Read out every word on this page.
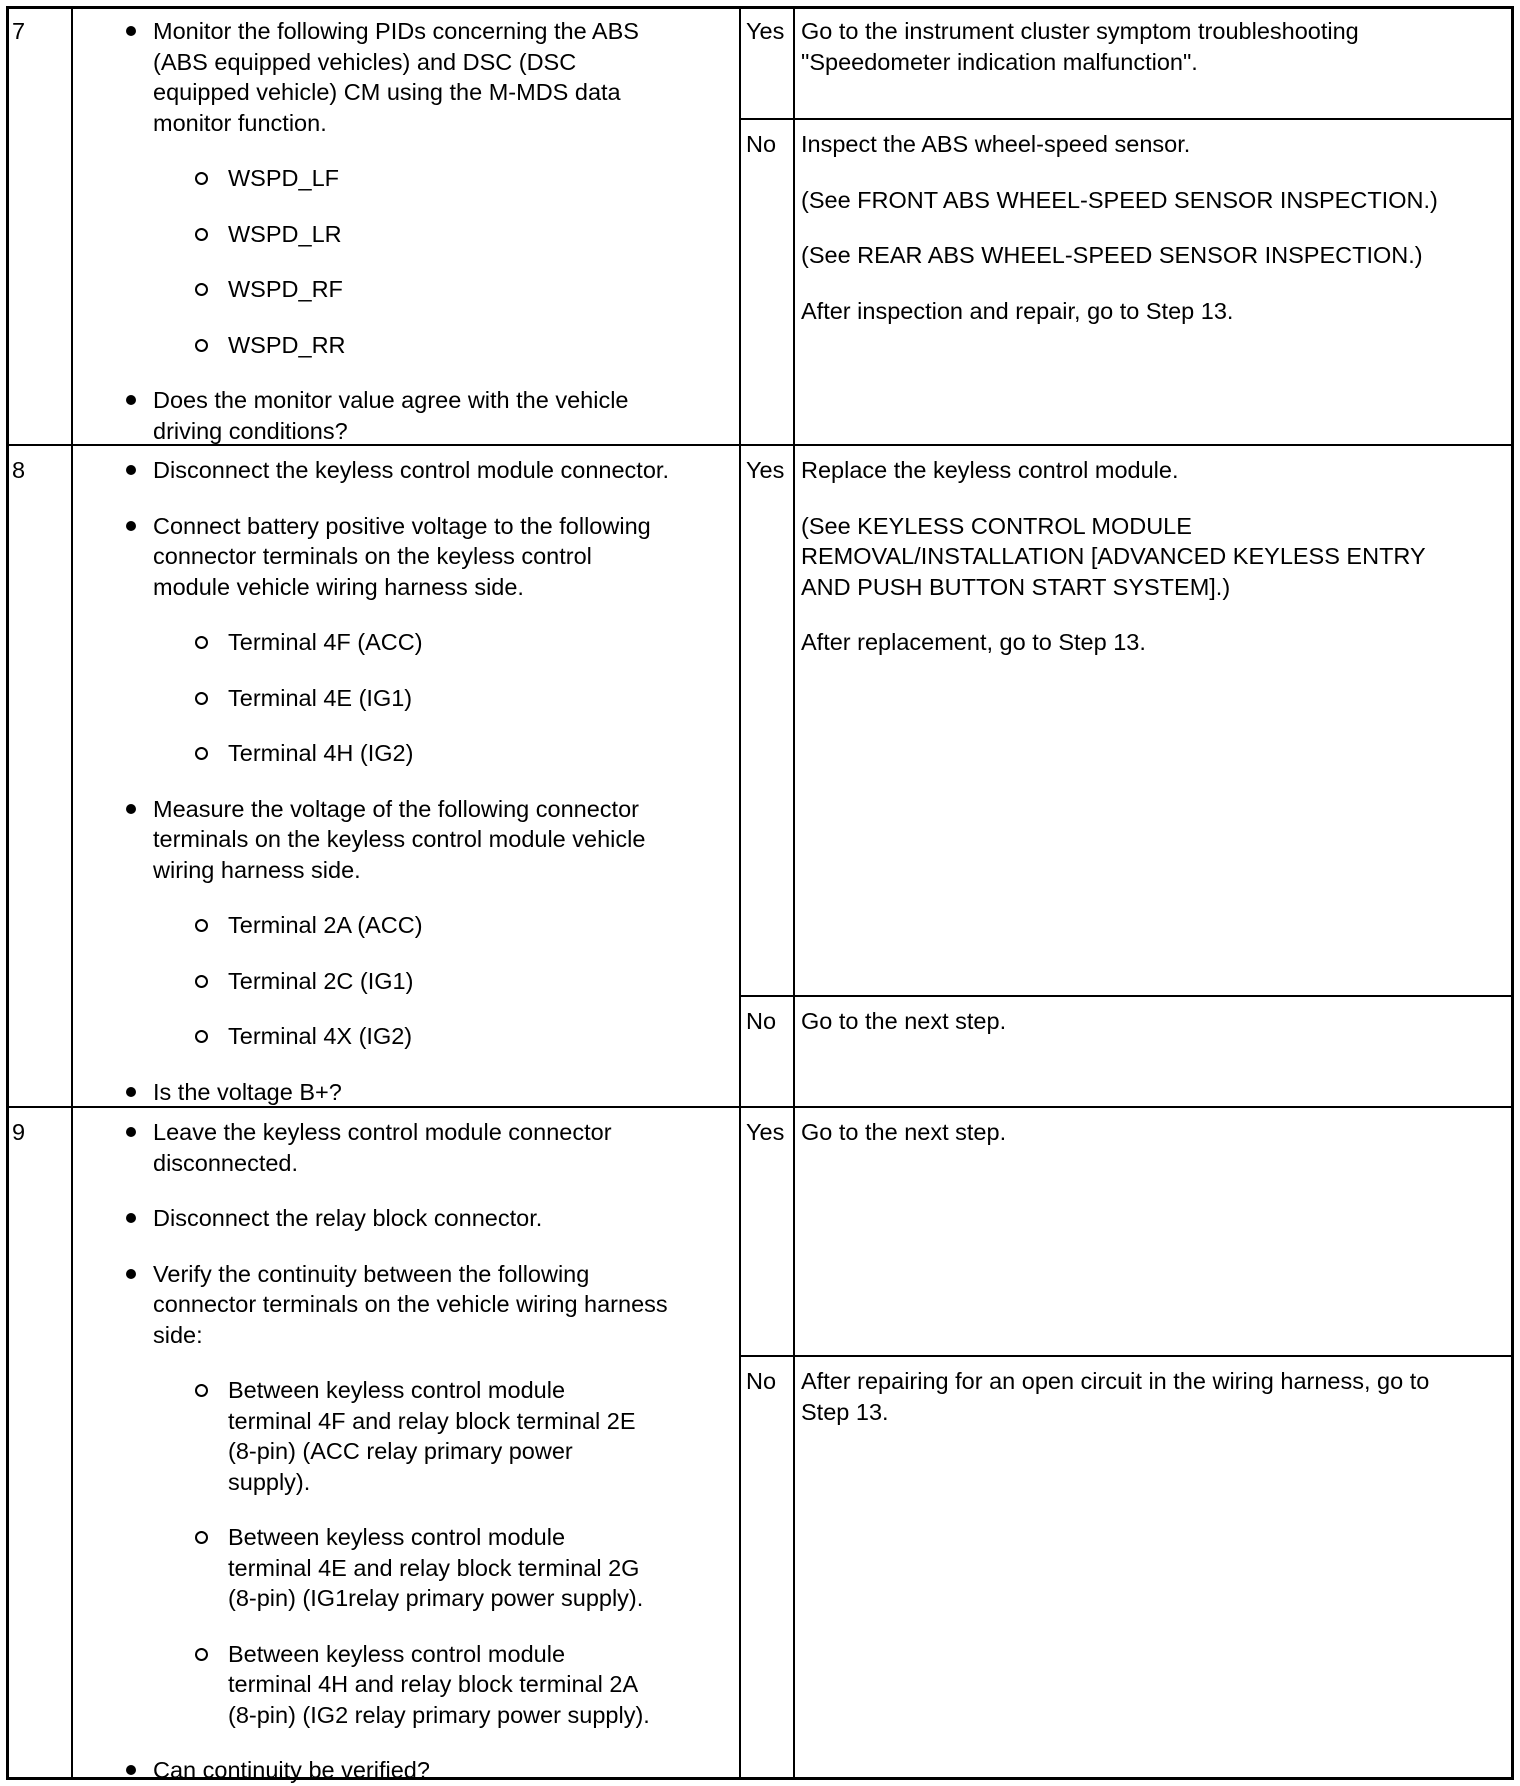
7	Monitor the following PIDs concerning the ABS
(ABS equipped vehicles) and DSC (DSC
equipped vehicle) CM using the M-MDS data
monitor function.
WSPD_LF
WSPD_LR
WSPD_RF
WSPD_RR
Does the monitor value agree with the vehicle
driving conditions?
Yes Go to the instrument cluster symptom troubleshooting
"Speedometer indication malfunction".
No Inspect the ABS wheel-speed sensor.
(See FRONT ABS WHEEL-SPEED SENSOR INSPECTION.)
(See REAR ABS WHEEL-SPEED SENSOR INSPECTION.)
After inspection and repair, go to Step 13.
8	Disconnect the keyless control module connector.
Connect battery positive voltage to the following
connector terminals on the keyless control
module vehicle wiring harness side.
Terminal 4F (ACC)
Terminal 4E (IG1)
Terminal 4H (IG2)
Measure the voltage of the following connector
terminals on the keyless control module vehicle
wiring harness side.
Terminal 2A (ACC)
Terminal 2C (IG1)
Terminal 4X (IG2)
Is the voltage B+?
Yes Replace the keyless control module.
(See KEYLESS CONTROL MODULE
REMOVAL/INSTALLATION [ADVANCED KEYLESS ENTRY
AND PUSH BUTTON START SYSTEM].)
After replacement, go to Step 13.
No Go to the next step.
9	Leave the keyless control module connector
disconnected.
Disconnect the relay block connector.
Verify the continuity between the following
connector terminals on the vehicle wiring harness
side:
Between keyless control module
terminal 4F and relay block terminal 2E
(8-pin) (ACC relay primary power
supply).
Between keyless control module
terminal 4E and relay block terminal 2G
(8-pin) (IG1relay primary power supply).
Between keyless control module
terminal 4H and relay block terminal 2A
(8-pin) (IG2 relay primary power supply).
Can continuity be verified?
Yes Go to the next step.
No After repairing for an open circuit in the wiring harness, go to
Step 13.
